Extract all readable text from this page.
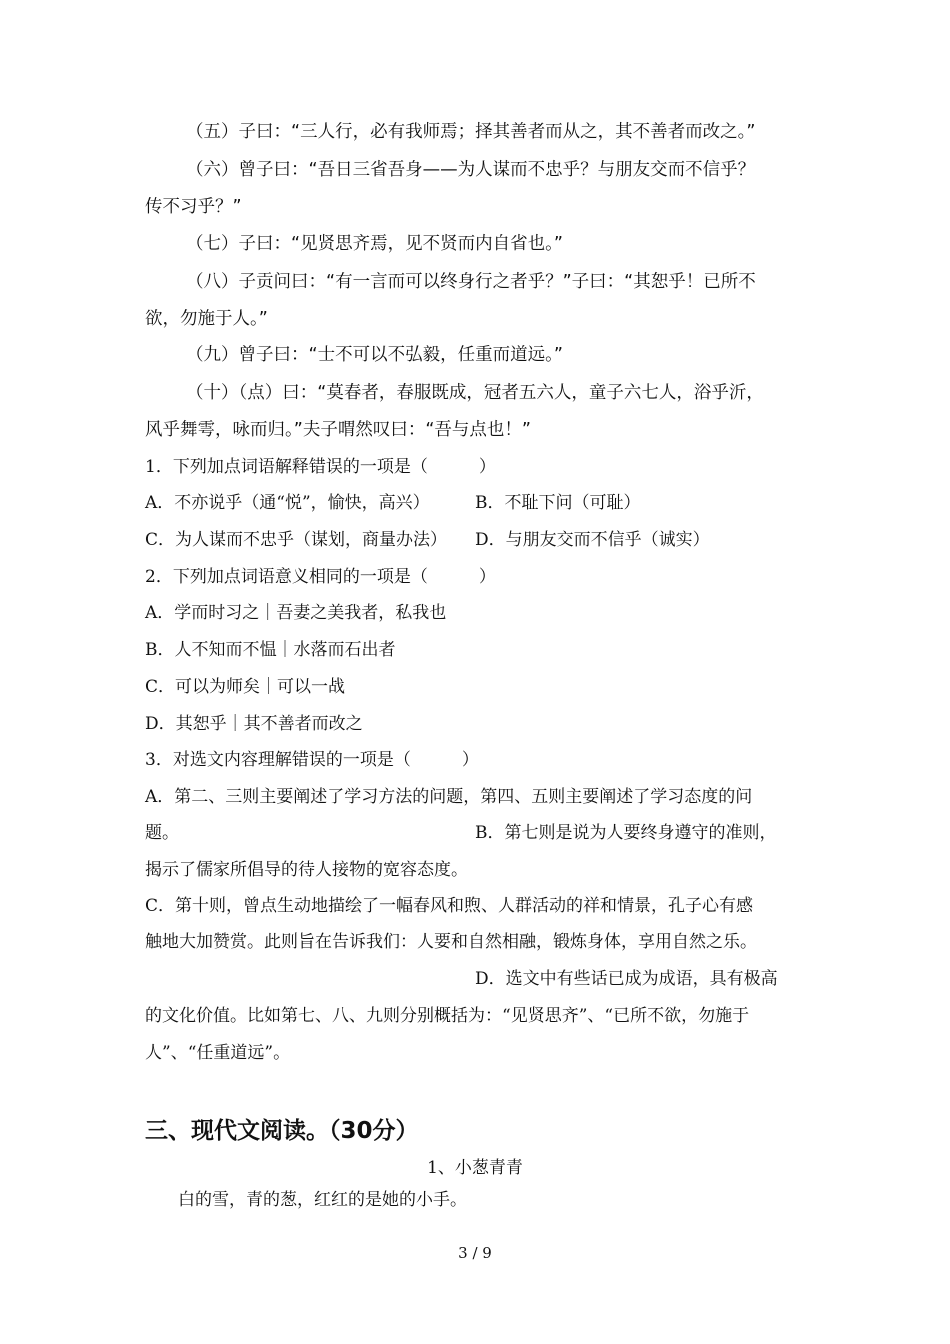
（五）子曰：“三人行，必有我师焉；择其善者而从之，其不善者而改之。”
（六）曾子曰：“吾日三省吾身——为人谋而不忠乎？与朋友交而不信乎？
传不习乎？”
（七）子曰：“见贤思齐焉，见不贤而内自省也。”
（八）子贡问曰：“有一言而可以终身行之者乎？”子曰：“其恕乎！已所不
欲，勿施于人。”
（九）曾子曰：“士不可以不弘毅，任重而道远。”
（十）（点）曰：“莫春者，春服既成，冠者五六人，童子六七人，浴乎沂，
风乎舞雩，咏而归。”夫子喟然叹曰：“吾与点也！”
1．下列加点词语解释错误的一项是（　　　）
A．不亦说乎（通“悦”，愉快，高兴）	B．不耻下问（可耻）
C．为人谋而不忠乎（谋划，商量办法） D．与朋友交而不信乎（诚实）
2．下列加点词语意义相同的一项是（　　　）
A．学而时习之｜吾妻之美我者，私我也
B．人不知而不愠｜水落而石出者
C．可以为师矣｜可以一战
D．其恕乎｜其不善者而改之
3．对选文内容理解错误的一项是（　　　）
A．第二、三则主要阐述了学习方法的问题，第四、五则主要阐述了学习态度的问
题。	B．第七则是说为人要终身遵守的准则，
揭示了儒家所倡导的待人接物的宽容态度。
C．第十则，曾点生动地描绘了一幅春风和煦、人群活动的祥和情景，孔子心有感
触地大加赞赏。此则旨在告诉我们：人要和自然相融，锻炼身体，享用自然之乐。
D．选文中有些话已成为成语，具有极高
的文化价值。比如第七、八、九则分别概括为：“见贤思齐”、“已所不欲，勿施于
人”、“任重道远”。
三、现代文阅读。（30分）
1、小葱青青
白的雪，青的葱，红红的是她的小手。
3 / 9
